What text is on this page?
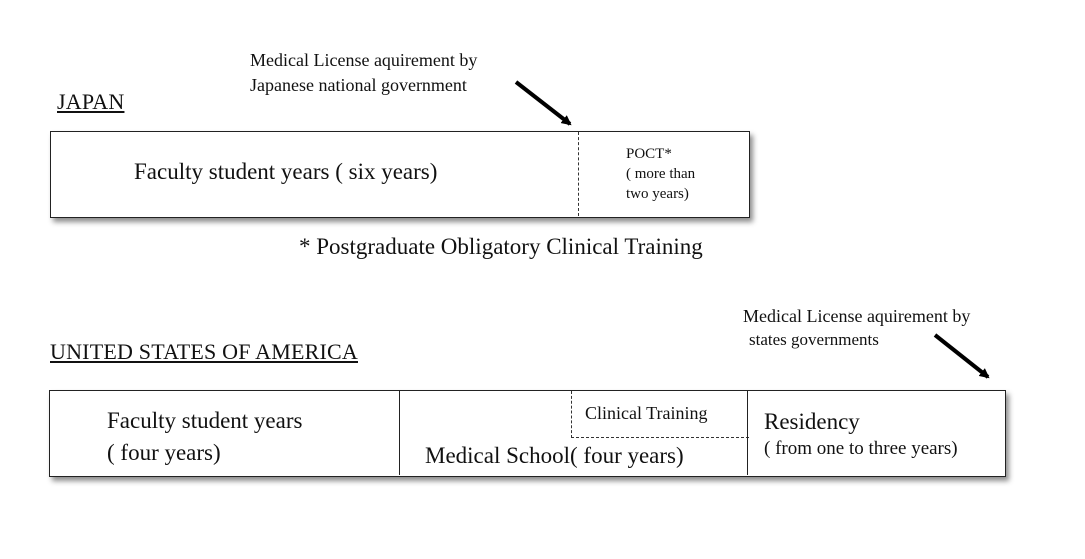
Medical License aquirement by
Japanese national government
JAPAN
Faculty student years ( six years)
POCT*
( more than
two years)
* Postgraduate Obligatory Clinical Training
Medical License aquirement by
states governments
UNITED STATES OF AMERICA
Faculty student years
( four years)
Clinical Training
Medical School( four years)
Residency
( from one to three years)
